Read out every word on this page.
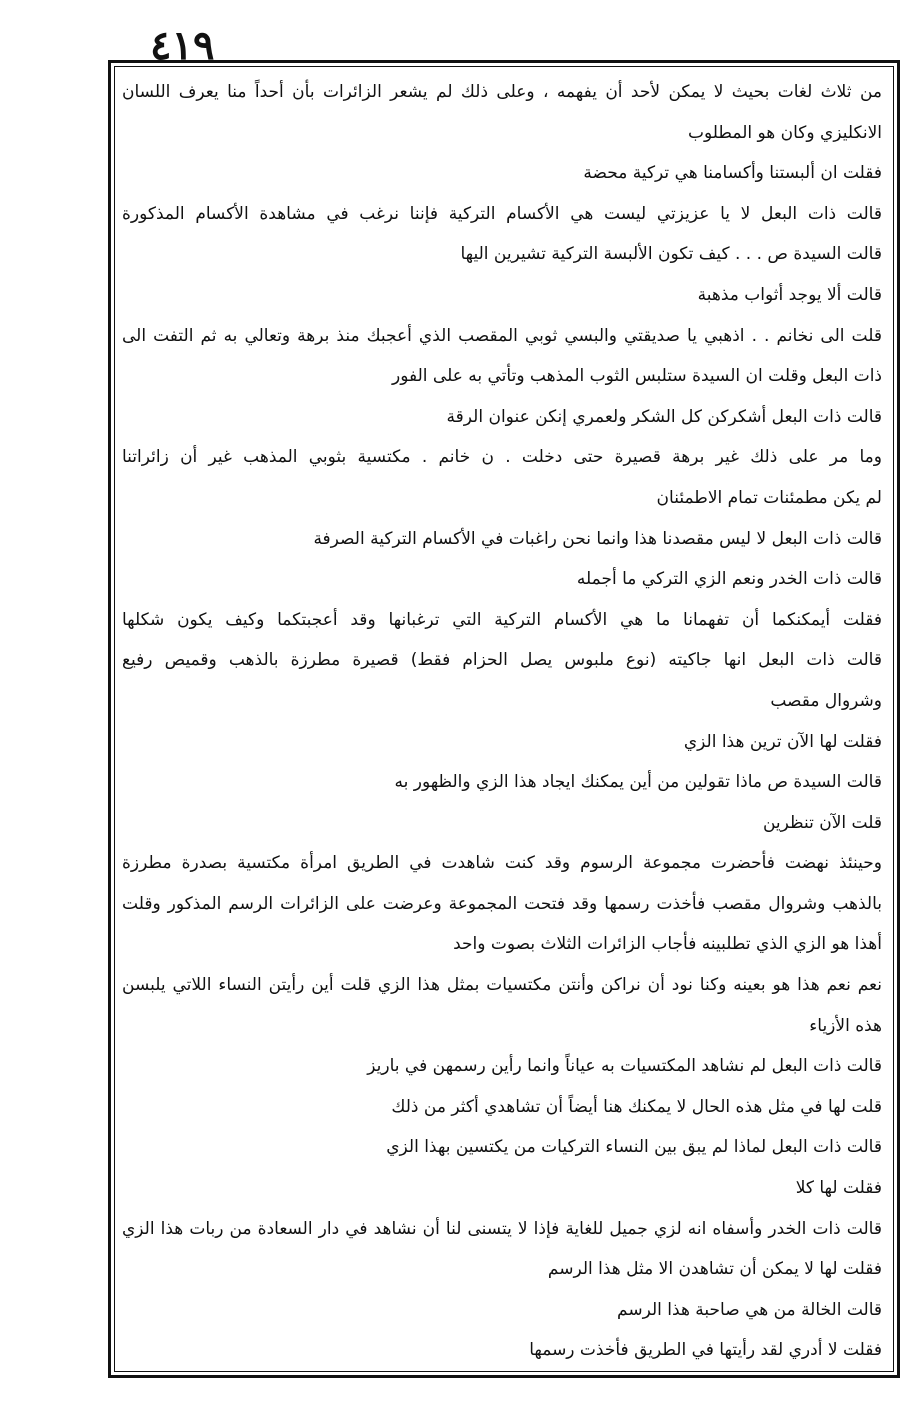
٤١٩
من ثلاث لغات بحيث لا يمكن لأحد أن يفهمه ، وعلى ذلك لم يشعر الزائرات بأن أحداً منا يعرف اللسان
الانكليزي وكان هو المطلوب
فقلت ان ألبستنا وأكسامنا هي تركية محضة
قالت ذات البعل لا يا عزيزتي ليست هي الأكسام التركية فإننا نرغب في مشاهدة الأكسام المذكورة
قالت السيدة ص . . . كيف تكون الألبسة التركية تشيرين اليها
قالت ألا يوجد أثواب مذهبة
قلت الى نخانم . . اذهبي يا صديقتي والبسي ثوبي المقصب الذي أعجبك منذ برهة وتعالي به ثم التفت الى
ذات البعل وقلت ان السيدة ستلبس الثوب المذهب وتأتي به على الفور
قالت ذات البعل أشكركن كل الشكر ولعمري إنكن عنوان الرقة
وما مر على ذلك غير برهة قصيرة حتى دخلت . ن خانم . مكتسية بثوبي المذهب غير أن زائراتنا
لم يكن مطمئنات تمام الاطمئنان
قالت ذات البعل لا ليس مقصدنا هذا وانما نحن راغبات في الأكسام التركية الصرفة
قالت ذات الخدر ونعم الزي التركي ما أجمله
فقلت أيمكنكما أن تفهمانا ما هي الأكسام التركية التي ترغبانها وقد أعجبتكما وكيف يكون شكلها
قالت ذات البعل انها جاكيته (نوع ملبوس يصل الحزام فقط) قصيرة مطرزة بالذهب وقميص رفيع
وشروال مقصب
فقلت لها الآن ترين هذا الزي
قالت السيدة ص ماذا تقولين من أين يمكنك ايجاد هذا الزي والظهور به
قلت الآن تنظرين
وحينئذ نهضت فأحضرت مجموعة الرسوم وقد كنت شاهدت في الطريق امرأة مكتسية بصدرة مطرزة
بالذهب وشروال مقصب فأخذت رسمها وقد فتحت المجموعة وعرضت على الزائرات الرسم المذكور وقلت
أهذا هو الزي الذي تطلبينه فأجاب الزائرات الثلاث بصوت واحد
نعم نعم هذا هو بعينه وكنا نود أن نراكن وأنتن مكتسيات بمثل هذا الزي قلت أين رأيتن النساء اللاتي يلبسن
هذه الأزياء
قالت ذات البعل لم نشاهد المكتسيات به عياناً وانما رأين رسمهن في باريز
قلت لها في مثل هذه الحال لا يمكنك هنا أيضاً أن تشاهدي أكثر من ذلك
قالت ذات البعل لماذا لم يبق بين النساء التركيات من يكتسين بهذا الزي
فقلت لها كلا
قالت ذات الخدر وأسفاه انه لزي جميل للغاية فإذا لا يتسنى لنا أن نشاهد في دار السعادة من ربات هذا الزي
فقلت لها لا يمكن أن تشاهدن الا مثل هذا الرسم
قالت الخالة من هي صاحبة هذا الرسم
فقلت لا أدري لقد رأيتها في الطريق فأخذت رسمها
